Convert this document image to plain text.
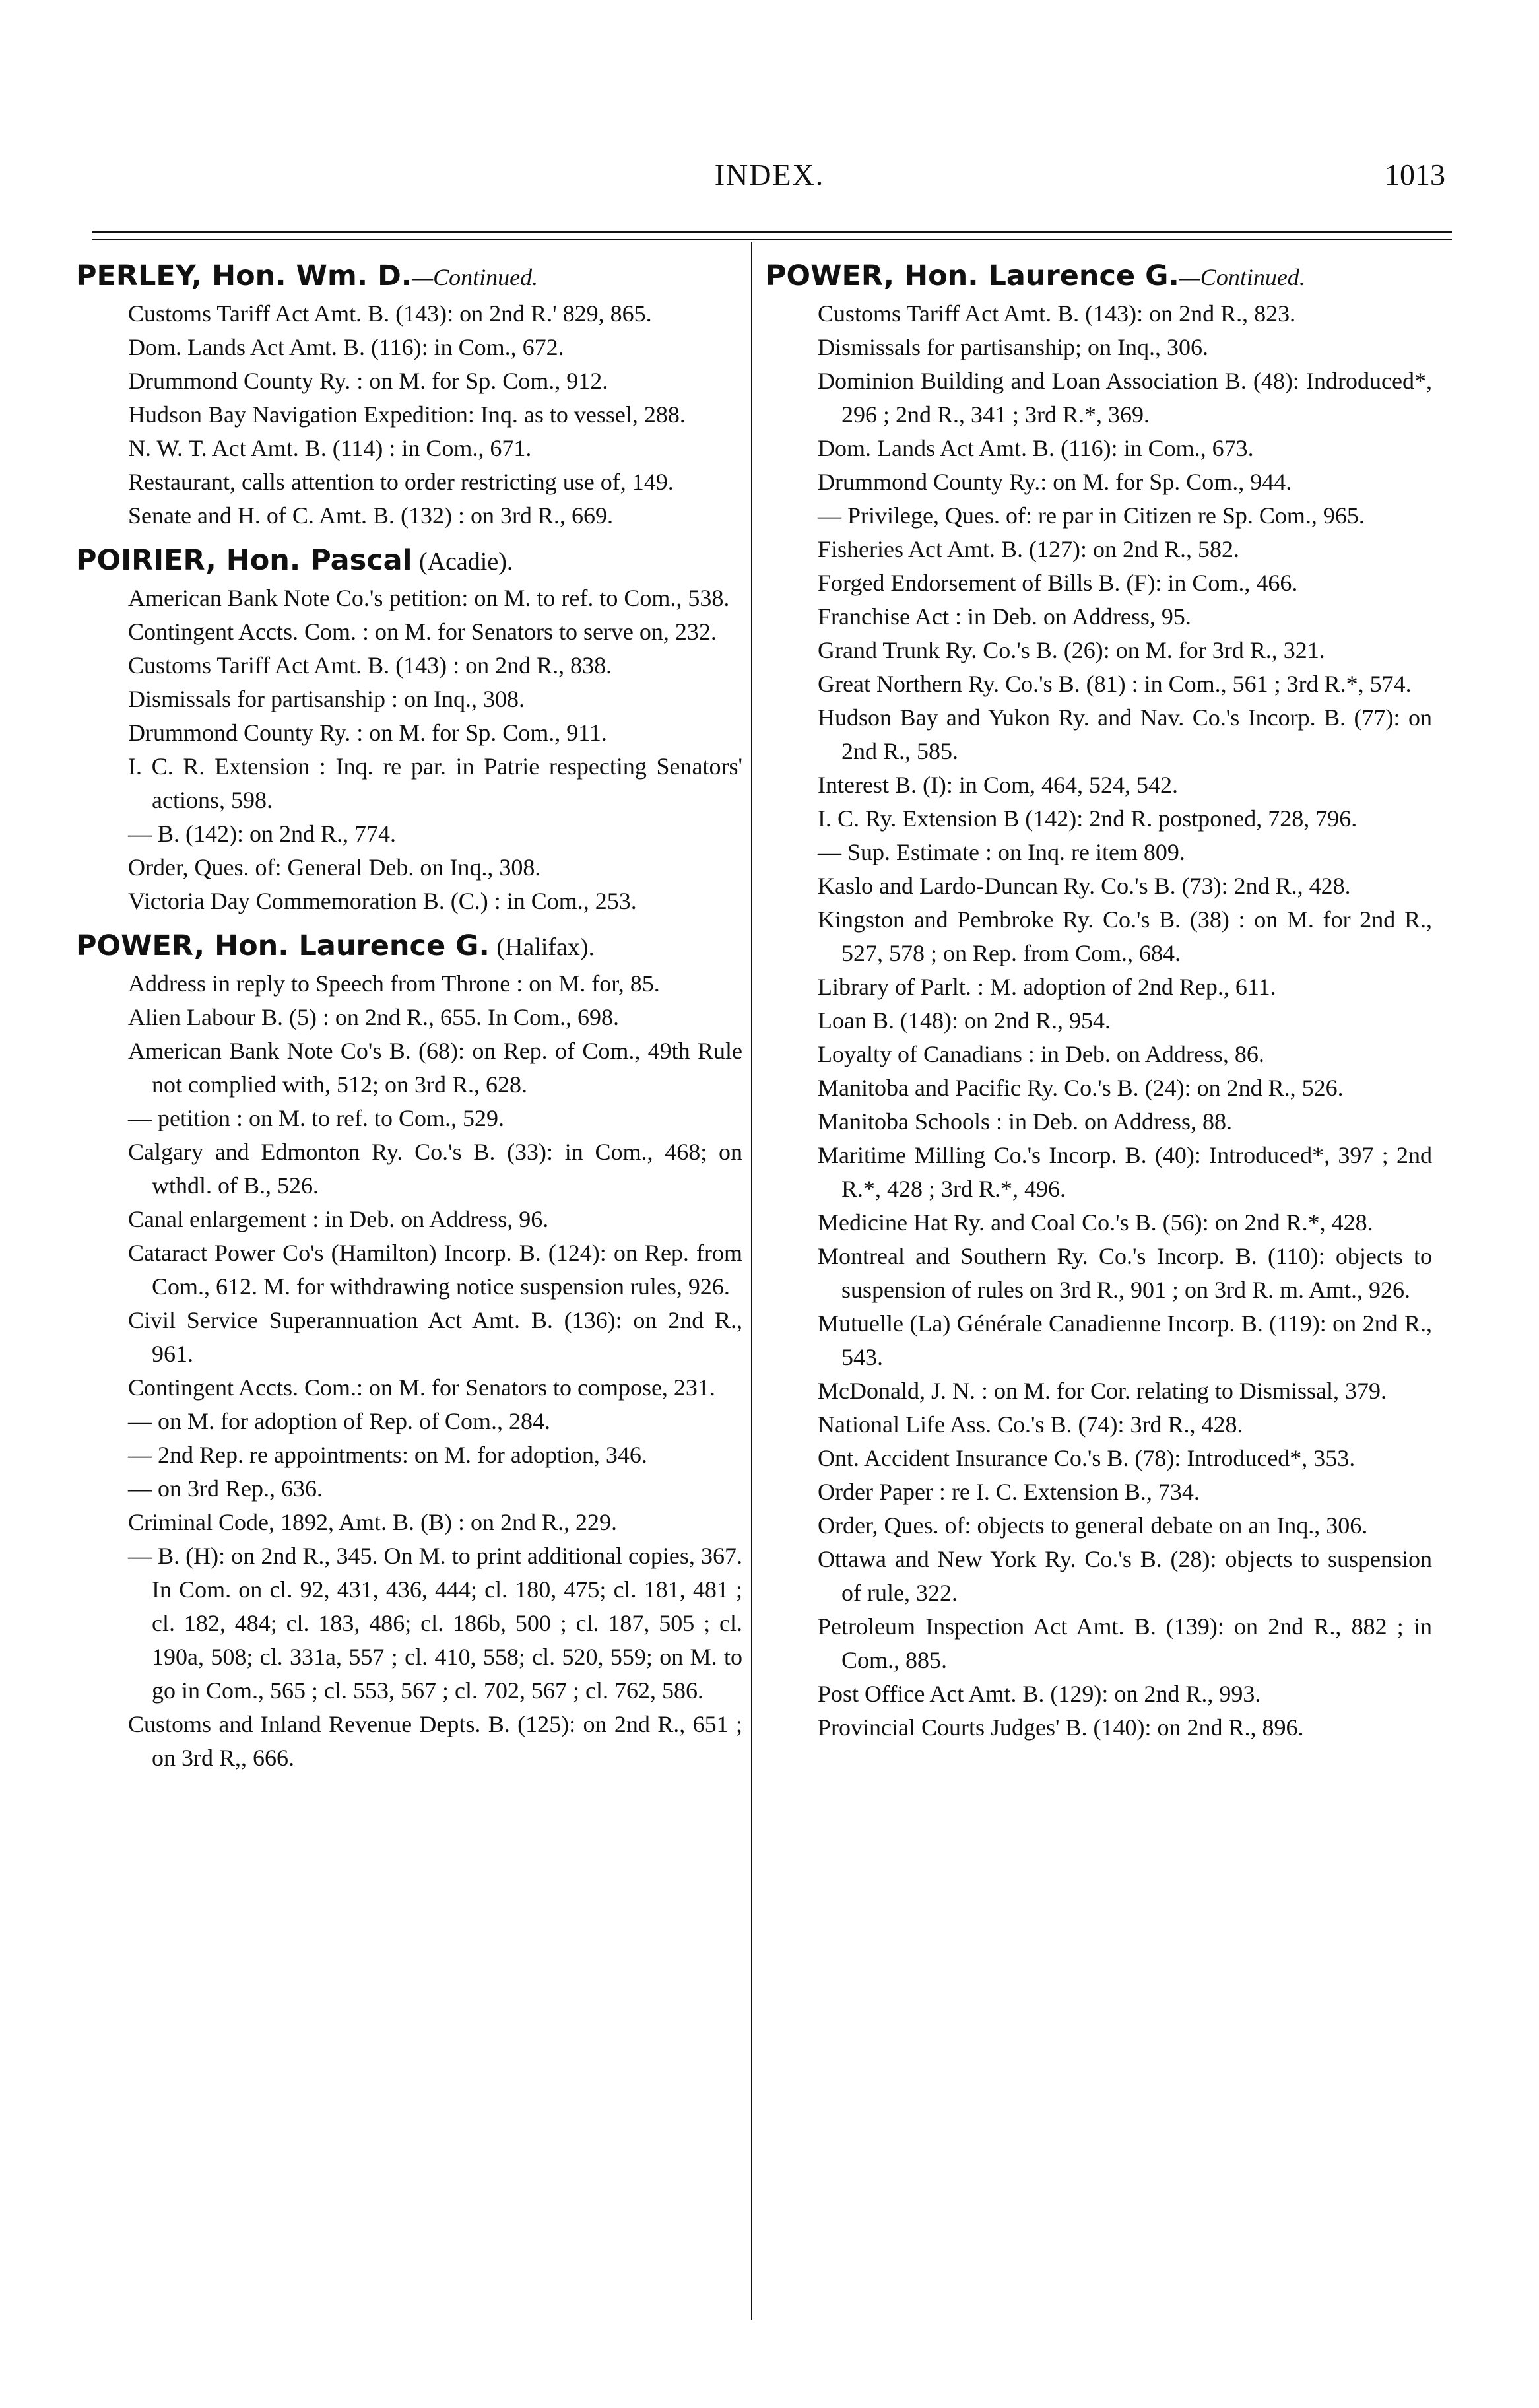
INDEX.	1013
PERLEY, Hon. Wm. D.—Continued.
Customs Tariff Act Amt. B. (143): on 2nd R.' 829, 865.
Dom. Lands Act Amt. B. (116): in Com., 672.
Drummond County Ry. : on M. for Sp. Com., 912.
Hudson Bay Navigation Expedition: Inq. as to vessel, 288.
N. W. T. Act Amt. B. (114) : in Com., 671.
Restaurant, calls attention to order restricting use of, 149.
Senate and H. of C. Amt. B. (132) : on 3rd R., 669.
POIRIER, Hon. Pascal (Acadie).
American Bank Note Co.'s petition: on M. to ref. to Com., 538.
Contingent Accts. Com. : on M. for Senators to serve on, 232.
Customs Tariff Act Amt. B. (143) : on 2nd R., 838.
Dismissals for partisanship : on Inq., 308.
Drummond County Ry. : on M. for Sp. Com., 911.
I. C. R. Extension : Inq. re par. in Patrie respecting Senators' actions, 598.
— B. (142): on 2nd R., 774.
Order, Ques. of: General Deb. on Inq., 308.
Victoria Day Commemoration B. (C.) : in Com., 253.
POWER, Hon. Laurence G. (Halifax).
Address in reply to Speech from Throne : on M. for, 85.
Alien Labour B. (5) : on 2nd R., 655. In Com., 698.
American Bank Note Co's B. (68): on Rep. of Com., 49th Rule not complied with, 512; on 3rd R., 628.
— petition : on M. to ref. to Com., 529.
Calgary and Edmonton Ry. Co.'s B. (33): in Com., 468; on wthdl. of B., 526.
Canal enlargement : in Deb. on Address, 96.
Cataract Power Co's (Hamilton) Incorp. B. (124): on Rep. from Com., 612. M. for withdrawing notice suspension rules, 926.
Civil Service Superannuation Act Amt. B. (136): on 2nd R., 961.
Contingent Accts. Com.: on M. for Senators to compose, 231.
— on M. for adoption of Rep. of Com., 284.
— 2nd Rep. re appointments: on M. for adoption, 346.
— on 3rd Rep., 636.
Criminal Code, 1892, Amt. B. (B) : on 2nd R., 229.
— B. (H): on 2nd R., 345. On M. to print additional copies, 367. In Com. on cl. 92, 431, 436, 444; cl. 180, 475; cl. 181, 481 ; cl. 182, 484; cl. 183, 486; cl. 186b, 500 ; cl. 187, 505 ; cl. 190a, 508; cl. 331a, 557 ; cl. 410, 558; cl. 520, 559; on M. to go in Com., 565 ; cl. 553, 567 ; cl. 702, 567 ; cl. 762, 586.
Customs and Inland Revenue Depts. B. (125): on 2nd R., 651 ; on 3rd R,, 666.
POWER, Hon. Laurence G.—Continued.
Customs Tariff Act Amt. B. (143): on 2nd R., 823.
Dismissals for partisanship; on Inq., 306.
Dominion Building and Loan Association B. (48): Indroduced*, 296 ; 2nd R., 341 ; 3rd R.*, 369.
Dom. Lands Act Amt. B. (116): in Com., 673.
Drummond County Ry.: on M. for Sp. Com., 944.
— Privilege, Ques. of: re par in Citizen re Sp. Com., 965.
Fisheries Act Amt. B. (127): on 2nd R., 582.
Forged Endorsement of Bills B. (F): in Com., 466.
Franchise Act : in Deb. on Address, 95.
Grand Trunk Ry. Co.'s B. (26): on M. for 3rd R., 321.
Great Northern Ry. Co.'s B. (81) : in Com., 561 ; 3rd R.*, 574.
Hudson Bay and Yukon Ry. and Nav. Co.'s Incorp. B. (77): on 2nd R., 585.
Interest B. (I): in Com, 464, 524, 542.
I. C. Ry. Extension B (142): 2nd R. postponed, 728, 796.
— Sup. Estimate : on Inq. re item 809.
Kaslo and Lardo-Duncan Ry. Co.'s B. (73): 2nd R., 428.
Kingston and Pembroke Ry. Co.'s B. (38) : on M. for 2nd R., 527, 578 ; on Rep. from Com., 684.
Library of Parlt. : M. adoption of 2nd Rep., 611.
Loan B. (148): on 2nd R., 954.
Loyalty of Canadians : in Deb. on Address, 86.
Manitoba and Pacific Ry. Co.'s B. (24): on 2nd R., 526.
Manitoba Schools : in Deb. on Address, 88.
Maritime Milling Co.'s Incorp. B. (40): Introduced*, 397 ; 2nd R.*, 428 ; 3rd R.*, 496.
Medicine Hat Ry. and Coal Co.'s B. (56): on 2nd R.*, 428.
Montreal and Southern Ry. Co.'s Incorp. B. (110): objects to suspension of rules on 3rd R., 901 ; on 3rd R. m. Amt., 926.
Mutuelle (La) Générale Canadienne Incorp. B. (119): on 2nd R., 543.
McDonald, J. N. : on M. for Cor. relating to Dismissal, 379.
National Life Ass. Co.'s B. (74): 3rd R., 428.
Ont. Accident Insurance Co.'s B. (78): Introduced*, 353.
Order Paper : re I. C. Extension B., 734.
Order, Ques. of: objects to general debate on an Inq., 306.
Ottawa and New York Ry. Co.'s B. (28): objects to suspension of rule, 322.
Petroleum Inspection Act Amt. B. (139): on 2nd R., 882 ; in Com., 885.
Post Office Act Amt. B. (129): on 2nd R., 993.
Provincial Courts Judges' B. (140): on 2nd R., 896.
